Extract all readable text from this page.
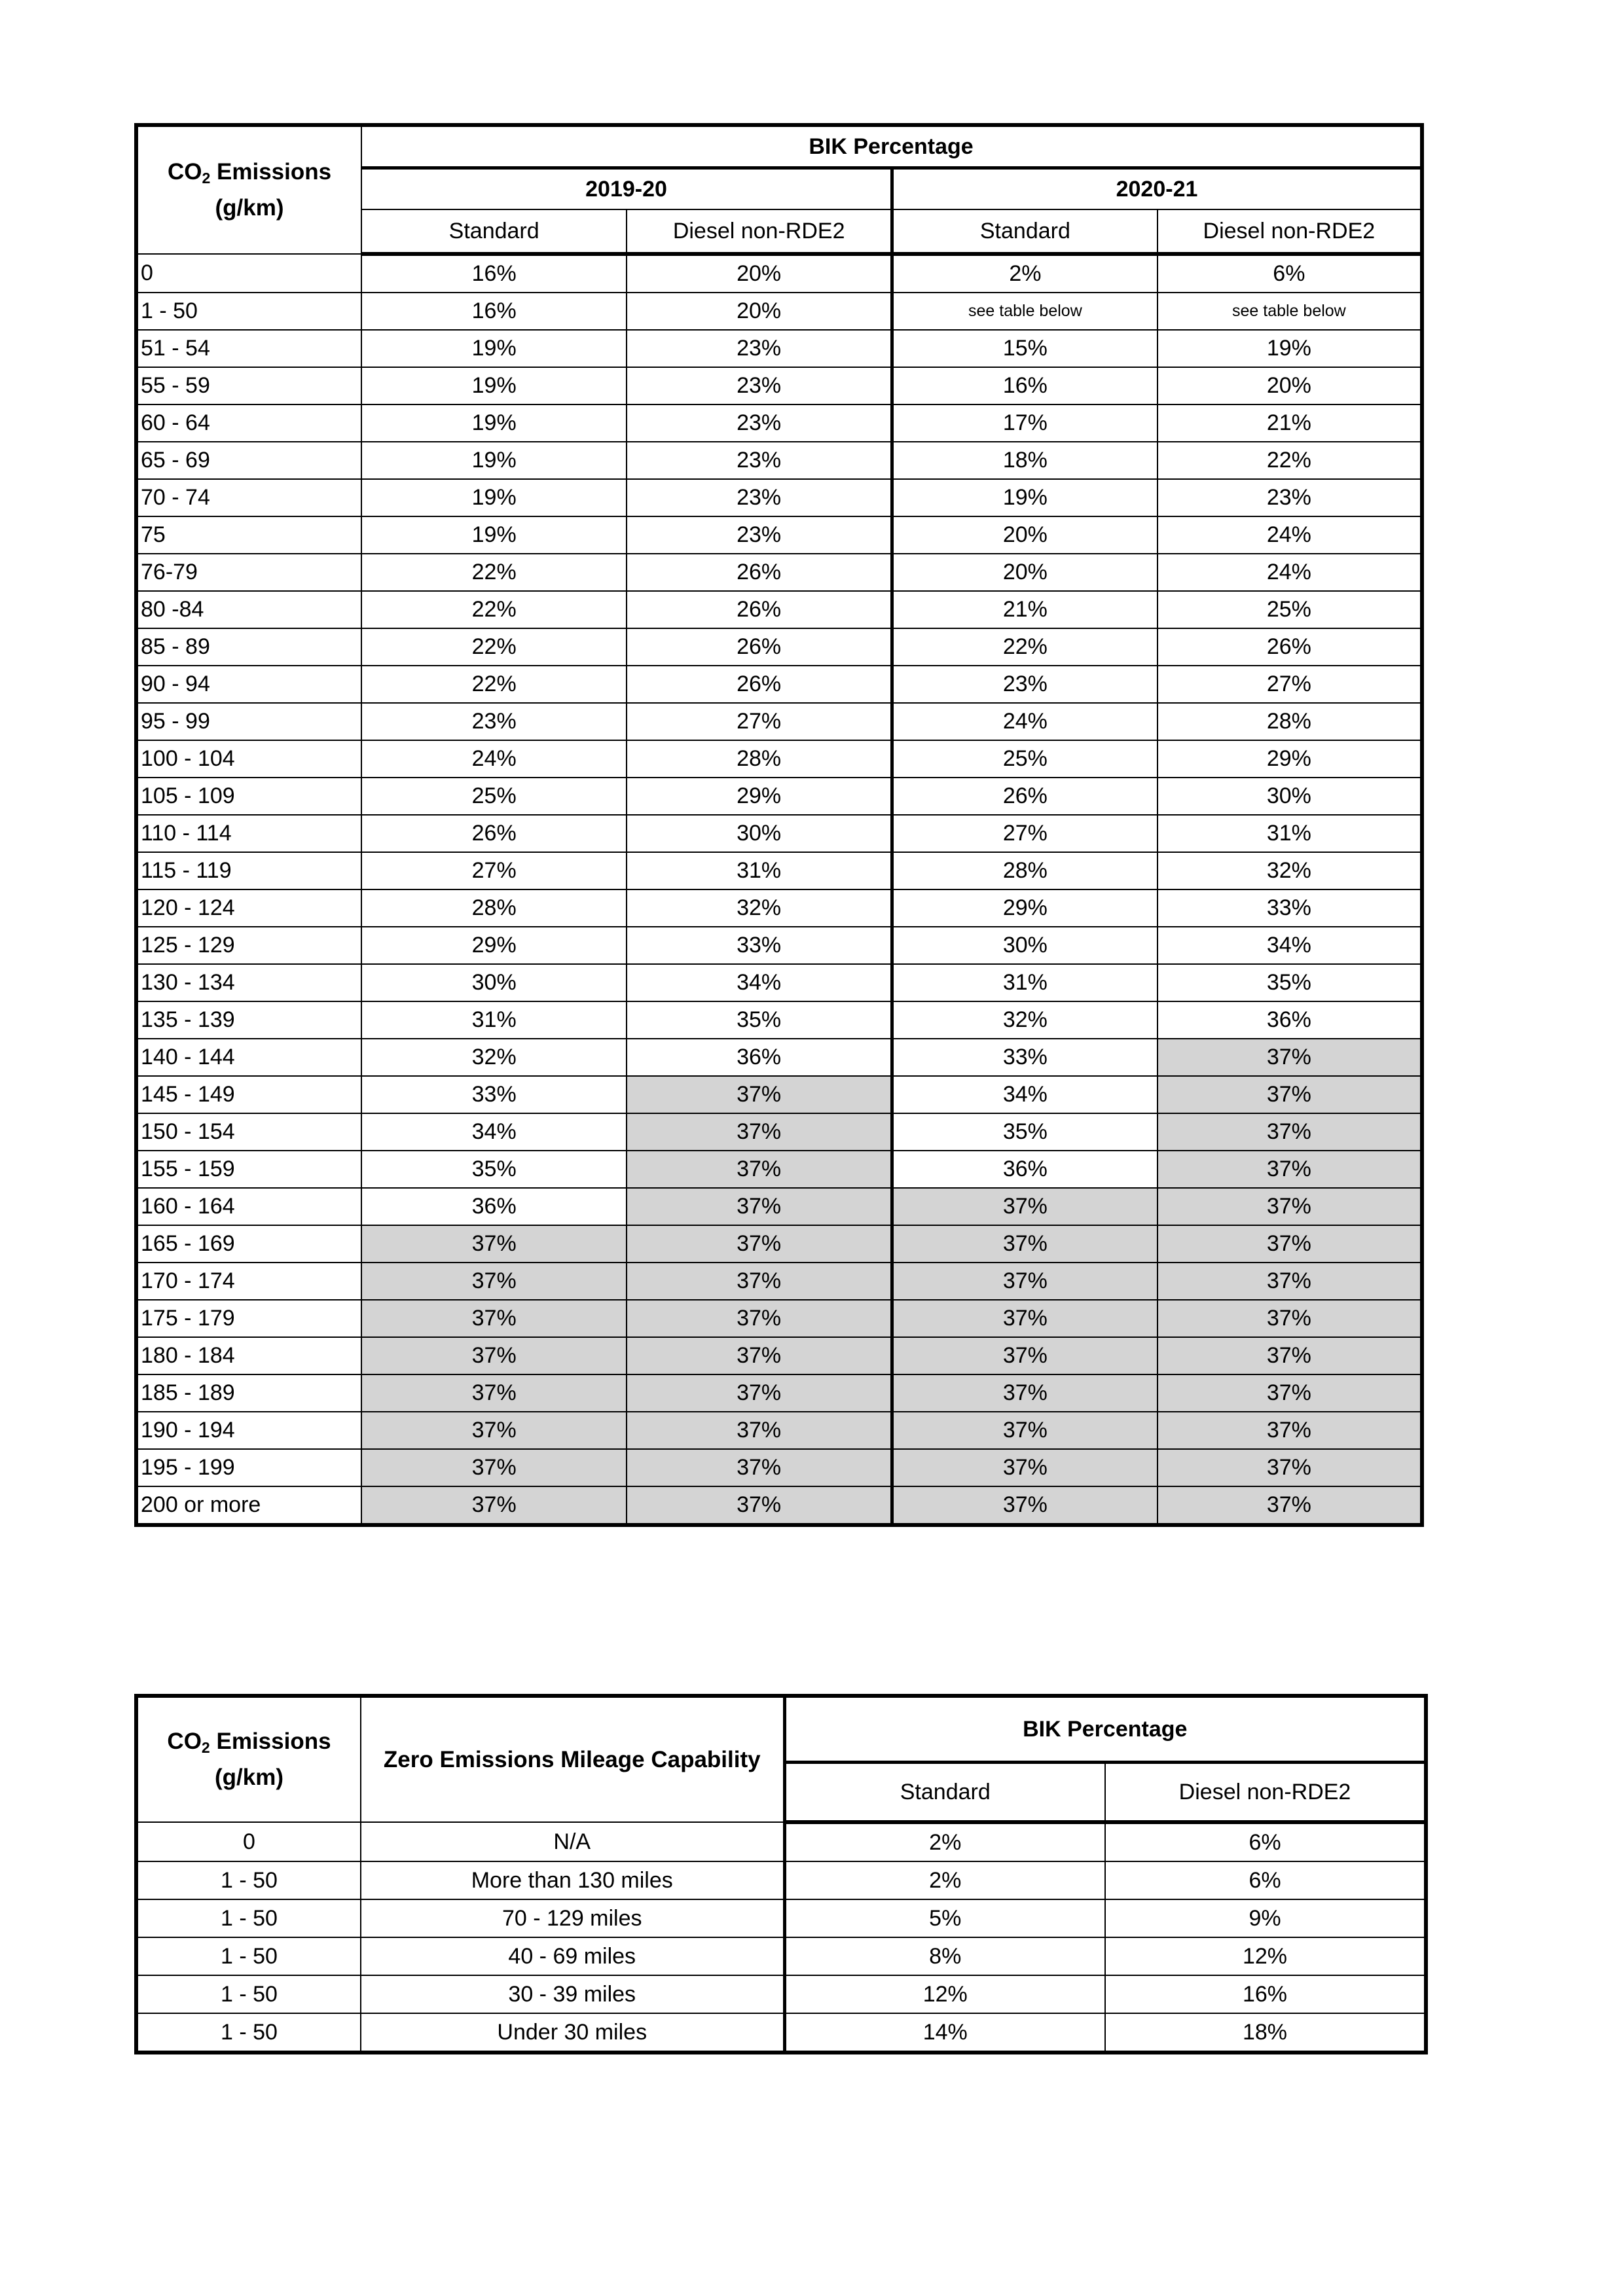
$CO_2$ Emissions
(g/km)	BIK Percentage			
	2019-20		2020-21	
	Standard	Diesel non-RDE2	Standard	Diesel non-RDE2
0	16%	20%	2%	6%
1 - 50	16%	20%	see table below	see table below
51 - 54	19%	23%	15%	19%
55 - 59	19%	23%	16%	20%
60 - 64	19%	23%	17%	21%
65 - 69	19%	23%	18%	22%
70 - 74	19%	23%	19%	23%
75	19%	23%	20%	24%
76-79	22%	26%	20%	24%
80 -84	22%	26%	21%	25%
85 - 89	22%	26%	22%	26%
90 - 94	22%	26%	23%	27%
95 - 99	23%	27%	24%	28%
100 - 104	24%	28%	25%	29%
105 - 109	25%	29%	26%	30%
110 - 114	26%	30%	27%	31%
115 - 119	27%	31%	28%	32%
120 - 124	28%	32%	29%	33%
125 - 129	29%	33%	30%	34%
130 - 134	30%	34%	31%	35%
135 - 139	31%	35%	32%	36%
140 - 144	32%	36%	33%	37%
145 - 149	33%	37%	34%	37%
150 - 154	34%	37%	35%	37%
155 - 159	35%	37%	36%	37%
160 - 164	36%	37%	37%	37%
165 - 169	37%	37%	37%	37%
170 - 174	37%	37%	37%	37%
175 - 179	37%	37%	37%	37%
180 - 184	37%	37%	37%	37%
185 - 189	37%	37%	37%	37%
190 - 194	37%	37%	37%	37%
195 - 199	37%	37%	37%	37%
200 or more	37%	37%	37%	37%
$CO_2$ Emissions
(g/km)	Zero Emissions Mileage Capability	BIK Percentage	
		Standard	Diesel non-RDE2
0	N/A	2%	6%
1 - 50	More than 130 miles	2%	6%
1 - 50	70 - 129 miles	5%	9%
1 - 50	40 - 69 miles	8%	12%
1 - 50	30 - 39 miles	12%	16%
1 - 50	Under 30 miles	14%	18%
